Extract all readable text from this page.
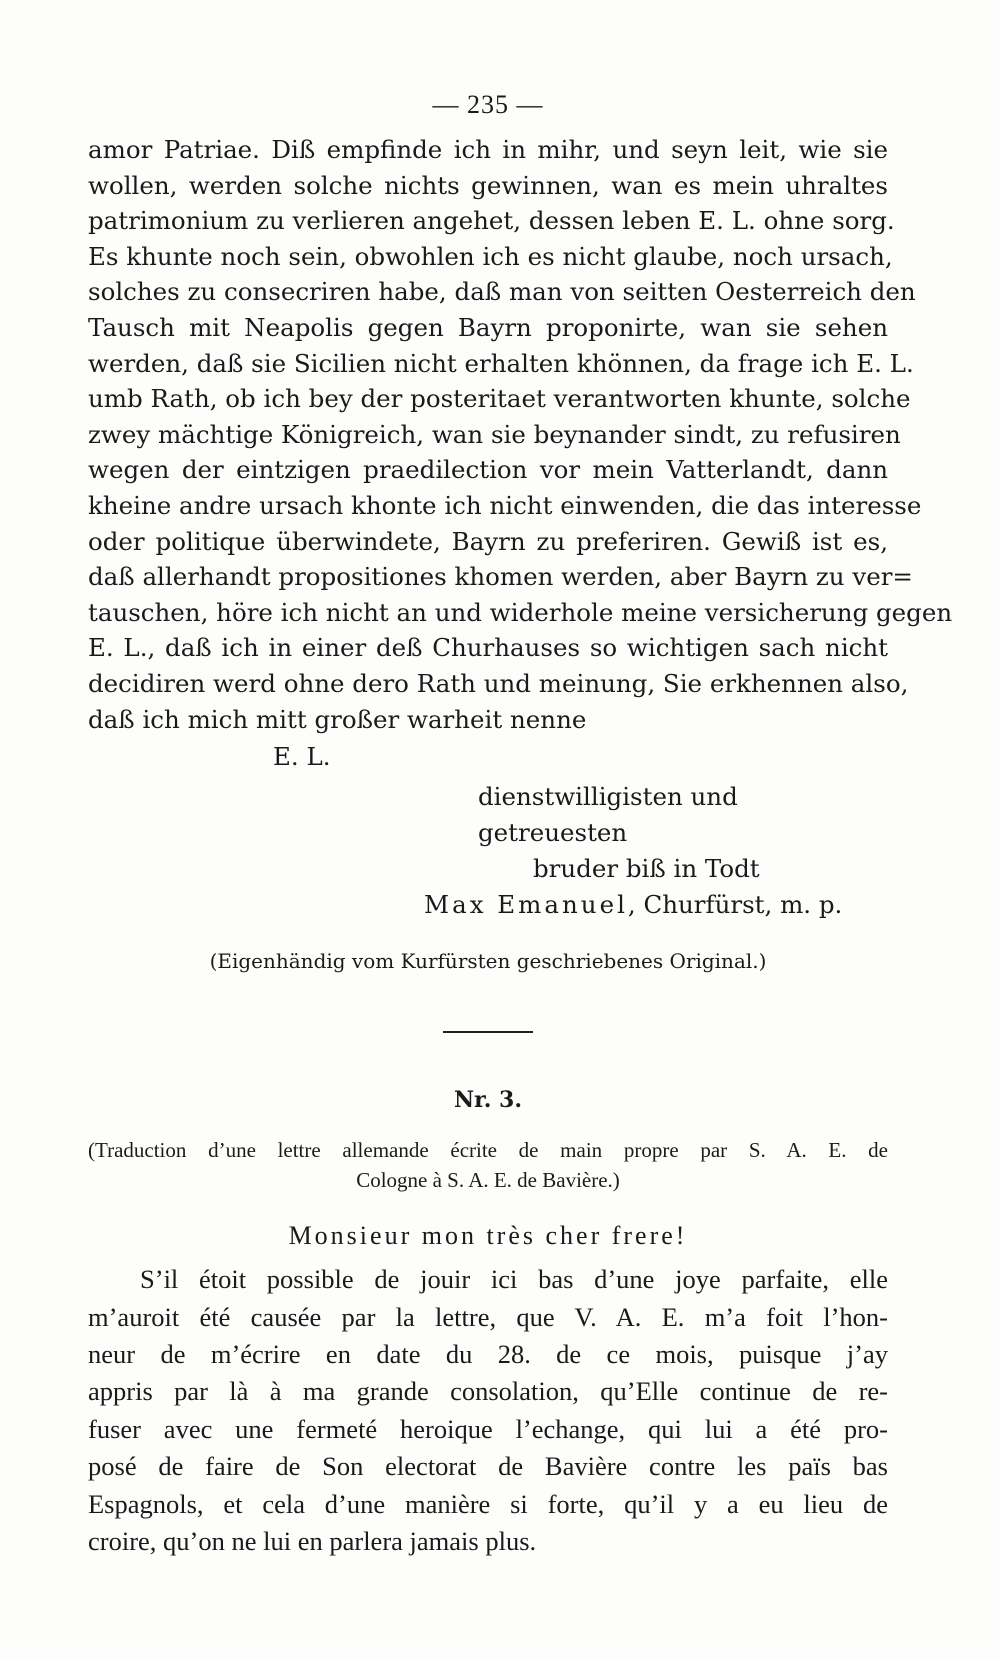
— 235 —
amor Patriae. Diß empfinde ich in mihr, und seyn leit, wie sie
wollen, werden solche nichts gewinnen, wan es mein uhraltes
patrimonium zu verlieren angehet, dessen leben E. L. ohne sorg.
Es khunte noch sein, obwohlen ich es nicht glaube, noch ursach,
solches zu consecriren habe, daß man von seitten Oesterreich den
Tausch mit Neapolis gegen Bayrn proponirte, wan sie sehen
werden, daß sie Sicilien nicht erhalten khönnen, da frage ich E. L.
umb Rath, ob ich bey der posteritaet verantworten khunte, solche
zwey mächtige Königreich, wan sie beynander sindt, zu refusiren
wegen der eintzigen praedilection vor mein Vatterlandt, dann
kheine andre ursach khonte ich nicht einwenden, die das interesse
oder politique überwindete, Bayrn zu preferiren. Gewiß ist es,
daß allerhandt propositiones khomen werden, aber Bayrn zu ver=
tauschen, höre ich nicht an und widerhole meine versicherung gegen
E. L., daß ich in einer deß Churhauses so wichtigen sach nicht
decidiren werd ohne dero Rath und meinung, Sie erkhennen also,
daß ich mich mitt großer warheit nenne
E. L.
dienstwilligisten und getreuesten
bruder biß in Todt
Max Emanuel, Churfürst, m. p.
(Eigenhändig vom Kurfürsten geschriebenes Original.)
Nr. 3.
(Traduction d’une lettre allemande écrite de main propre par S. A. E. de
Cologne à S. A. E. de Bavière.)
Monsieur mon très cher frere!
S’il étoit possible de jouir ici bas d’une joye parfaite, elle
m’auroit été causée par la lettre, que V. A. E. m’a foit l’hon-
neur de m’écrire en date du 28. de ce mois, puisque j’ay
appris par là à ma grande consolation, qu’Elle continue de re-
fuser avec une fermeté heroique l’echange, qui lui a été pro-
posé de faire de Son electorat de Bavière contre les païs bas
Espagnols, et cela d’une manière si forte, qu’il y a eu lieu de
croire, qu’on ne lui en parlera jamais plus.
